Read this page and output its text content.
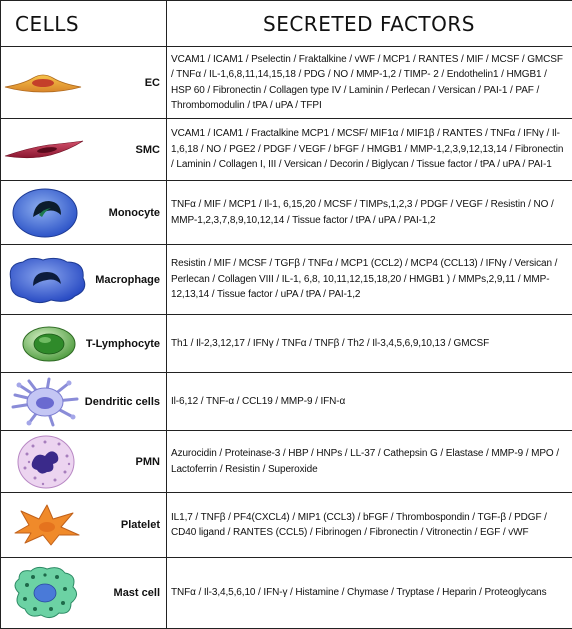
CELLS	SECRETED FACTORS

EC	VCAM1 / ICAM1 / Pselectin / Fraktalkine / vWF / MCP1 / RANTES / MIF / MCSF / GMCSF / TNFα / IL-1,6,8,11,14,15,18 / PDG / NO / MMP-1,2 / TIMP- 2 / Endothelin1 / HMGB1 / HSP 60 / Fibronectin / Collagen type IV / Laminin / Perlecan / Versican / PAI-1 / PAF / Thrombomodulin / tPA / uPA / TFPI

SMC	VCAM1 / ICAM1 / Fractalkine MCP1 / MCSF/ MIF1α / MIF1β / RANTES / TNFα / IFNγ / Il-1,6,18 / NO / PGE2 / PDGF / VEGF / bFGF / HMGB1 / MMP-1,2,3,9,12,13,14 / Fibronectin / Laminin / Collagen I, III / Versican / Decorin / Biglycan / Tissue factor / tPA / uPA / PAI-1

Monocyte	TNFα / MIF / MCP1 / Il-1, 6,15,20 / MCSF / TIMPs,1,2,3 / PDGF / VEGF / Resistin / NO / MMP-1,2,3,7,8,9,10,12,14 / Tissue factor / tPA / uPA / PAI-1,2

Macrophage	Resistin / MIF / MCSF / TGFβ / TNFα / MCP1 (CCL2) / MCP4 (CCL13) / IFNγ / Versican / Perlecan / Collagen VIII / IL-1, 6,8, 10,11,12,15,18,20 / HMGB1 ) / MMPs,2,9,11 / MMP- 12,13,14 / Tissue factor / uPA / tPA / PAI-1,2

T-Lymphocyte	Th1 / Il-2,3,12,17 / IFNγ / TNFα / TNFβ / Th2 / Il-3,4,5,6,9,10,13 / GMCSF

Dendritic cells	Il-6,12 / TNF-α / CCL19 / MMP-9 / IFN-α

PMN	Azurocidin / Proteinase-3 / HBP / HNPs / LL-37 / Cathepsin G / Elastase / MMP-9 / MPO / Lactoferrin / Resistin / Superoxide

Platelet	IL1,7 / TNFβ / PF4(CXCL4) / MIP1 (CCL3) / bFGF / Thrombospondin / TGF-β / PDGF / CD40 ligand / RANTES (CCL5) / Fibrinogen / Fibronectin / Vitronectin / EGF / vWF

Mast cell	TNFα / Il-3,4,5,6,10 / IFN-γ / Histamine / Chymase / Tryptase / Heparin / Proteoglycans
